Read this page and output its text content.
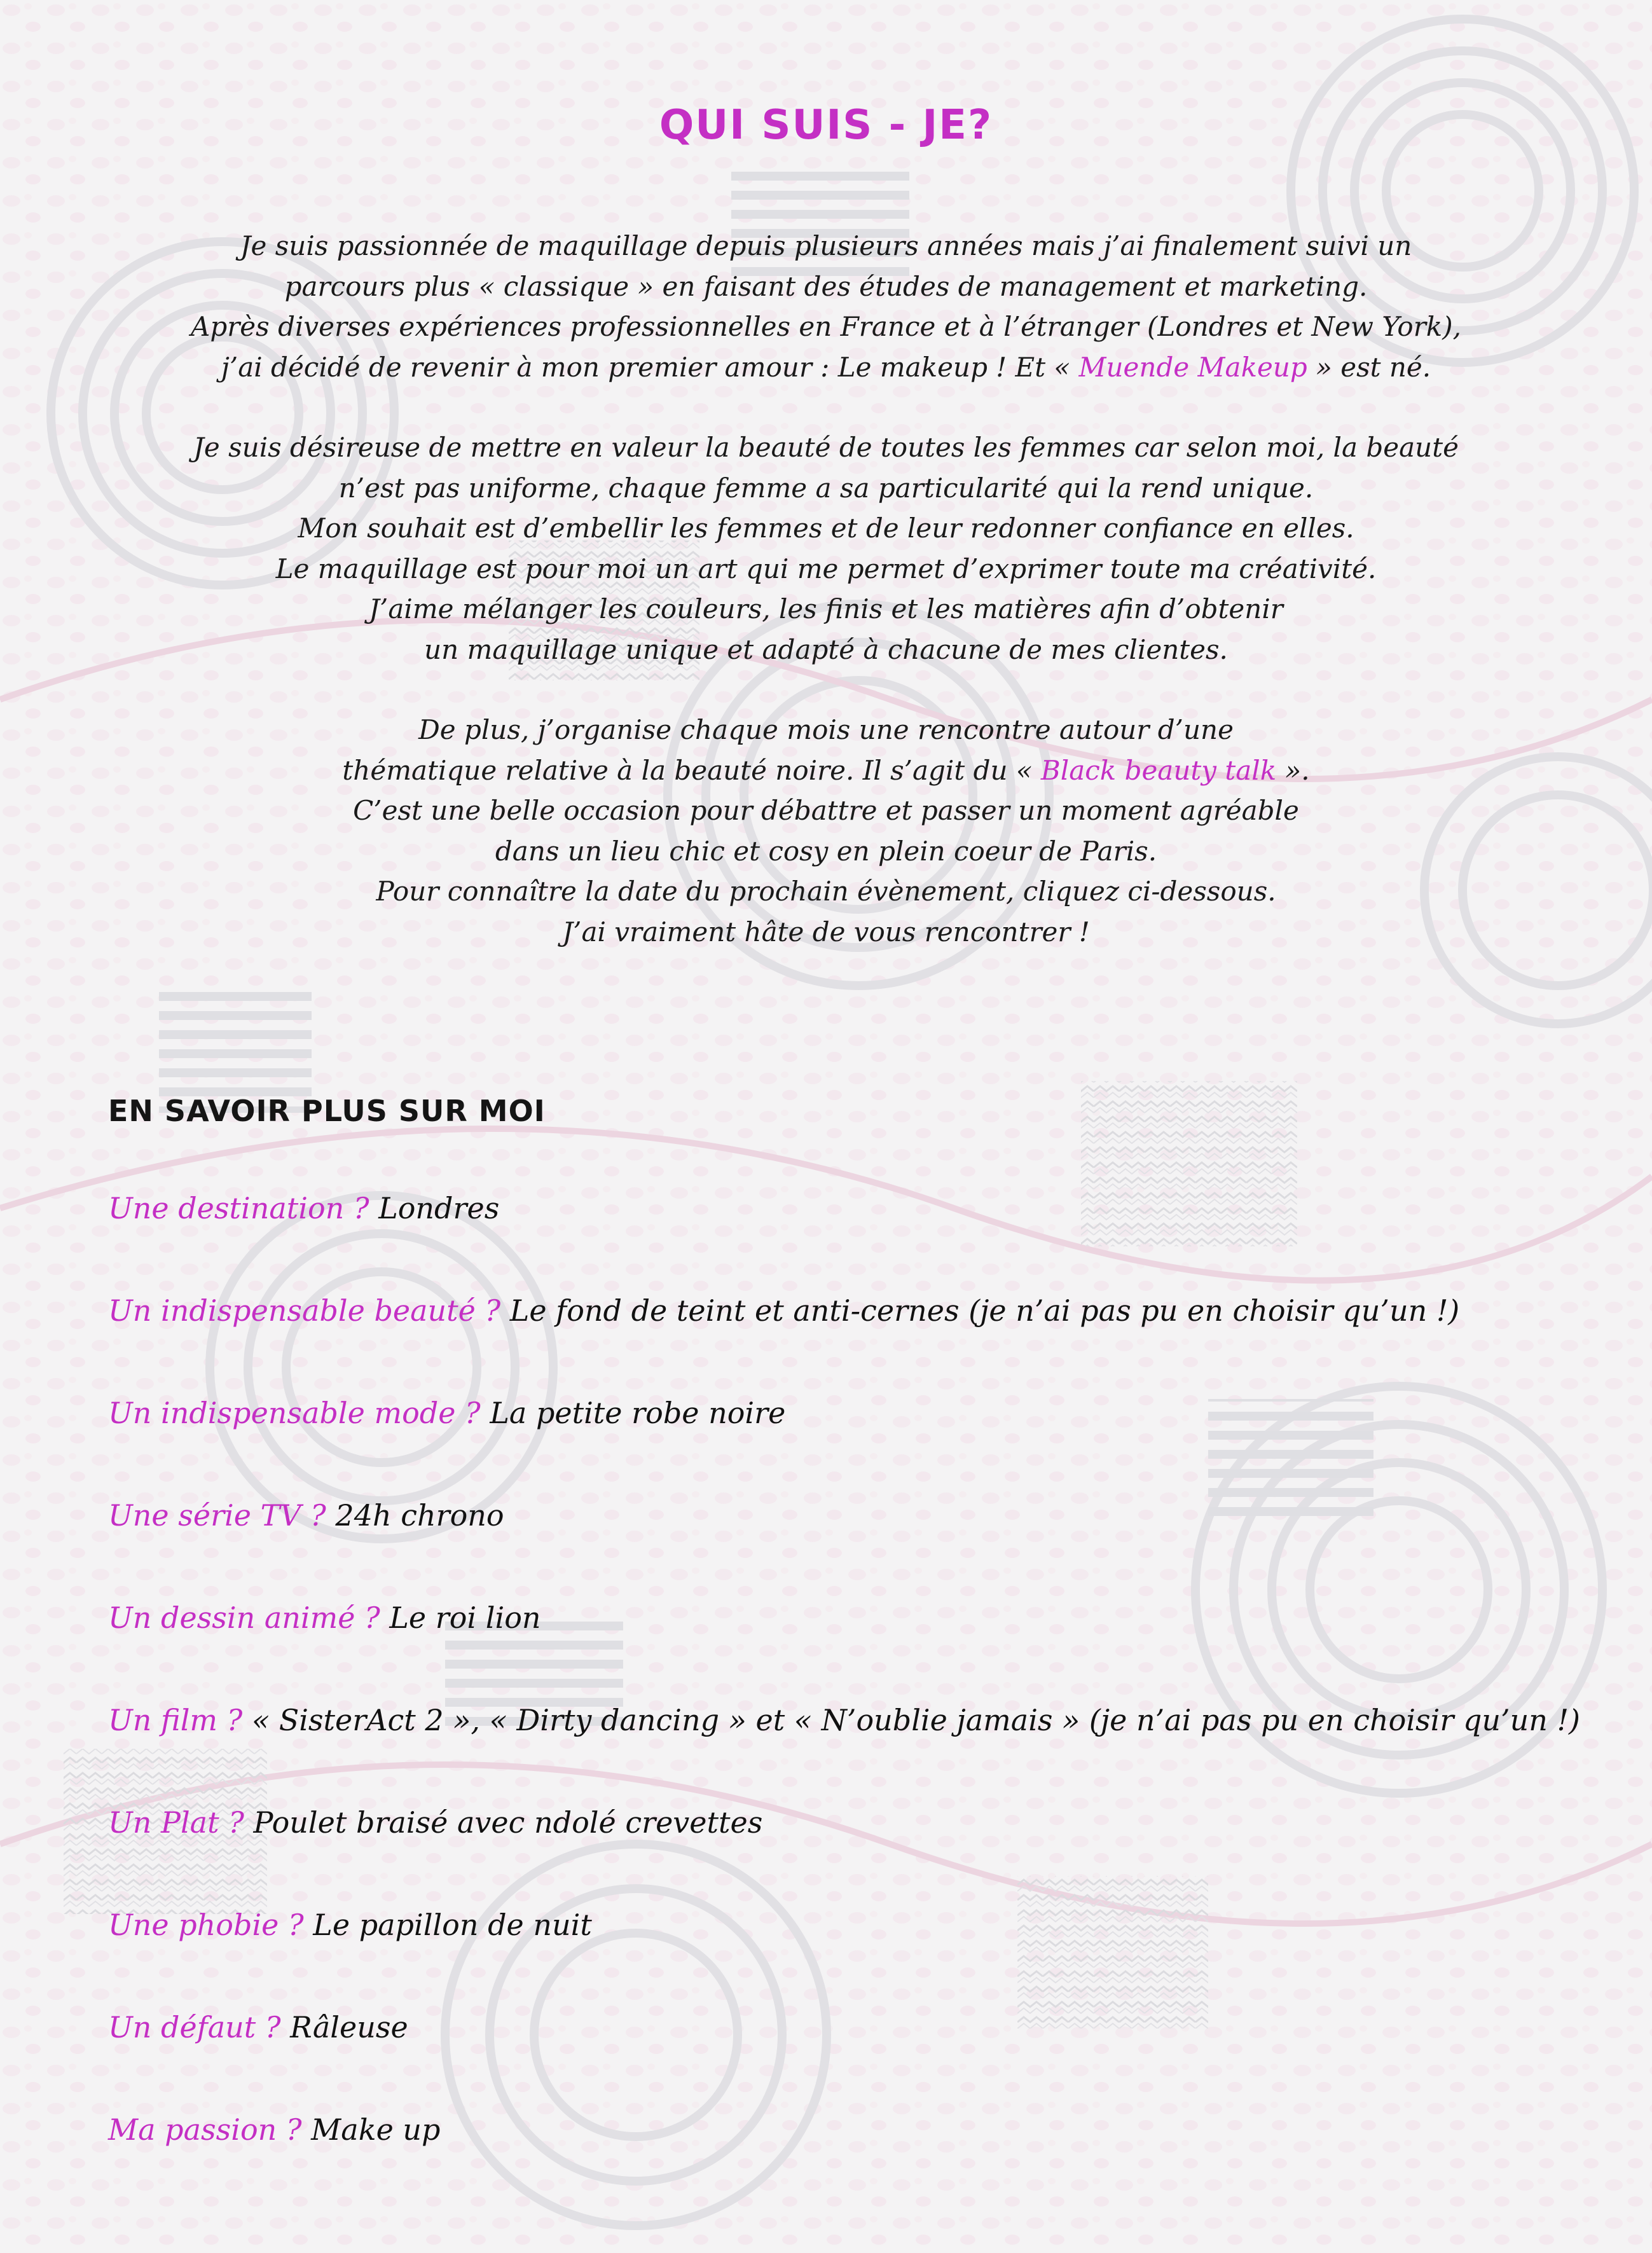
QUI SUIS - JE?

Je suis passionnée de maquillage depuis plusieurs années mais j’ai finalement suivi un
parcours plus « classique » en faisant des études de management et marketing.
Après diverses expériences professionnelles en France et à l’étranger (Londres et New York),
j’ai décidé de revenir à mon premier amour : Le makeup ! Et « Muende Makeup » est né.

Je suis désireuse de mettre en valeur la beauté de toutes les femmes car selon moi, la beauté
n’est pas uniforme, chaque femme a sa particularité qui la rend unique.
Mon souhait est d’embellir les femmes et de leur redonner confiance en elles.
Le maquillage est pour moi un art qui me permet d’exprimer toute ma créativité.
J’aime mélanger les couleurs, les finis et les matières afin d’obtenir
un maquillage unique et adapté à chacune de mes clientes.

De plus, j’organise chaque mois une rencontre autour d’une
thématique relative à la beauté noire. Il s’agit du « Black beauty talk ».
C’est une belle occasion pour débattre et passer un moment agréable
dans un lieu chic et cosy en plein coeur de Paris.
Pour connaître la date du prochain évènement, cliquez ci-dessous.
J’ai vraiment hâte de vous rencontrer !

EN SAVOIR PLUS SUR MOI
Une destination ? Londres
Un indispensable beauté ? Le fond de teint et anti-cernes (je n’ai pas pu en choisir qu’un !)
Un indispensable mode ? La petite robe noire
Une série TV ? 24h chrono
Un dessin animé ? Le roi lion
Un film ? « SisterAct 2 », « Dirty dancing » et « N’oublie jamais » (je n’ai pas pu en choisir qu’un !)
Un Plat ? Poulet braisé avec ndolé crevettes
Une phobie ? Le papillon de nuit
Un défaut ? Râleuse
Ma passion ? Make up
